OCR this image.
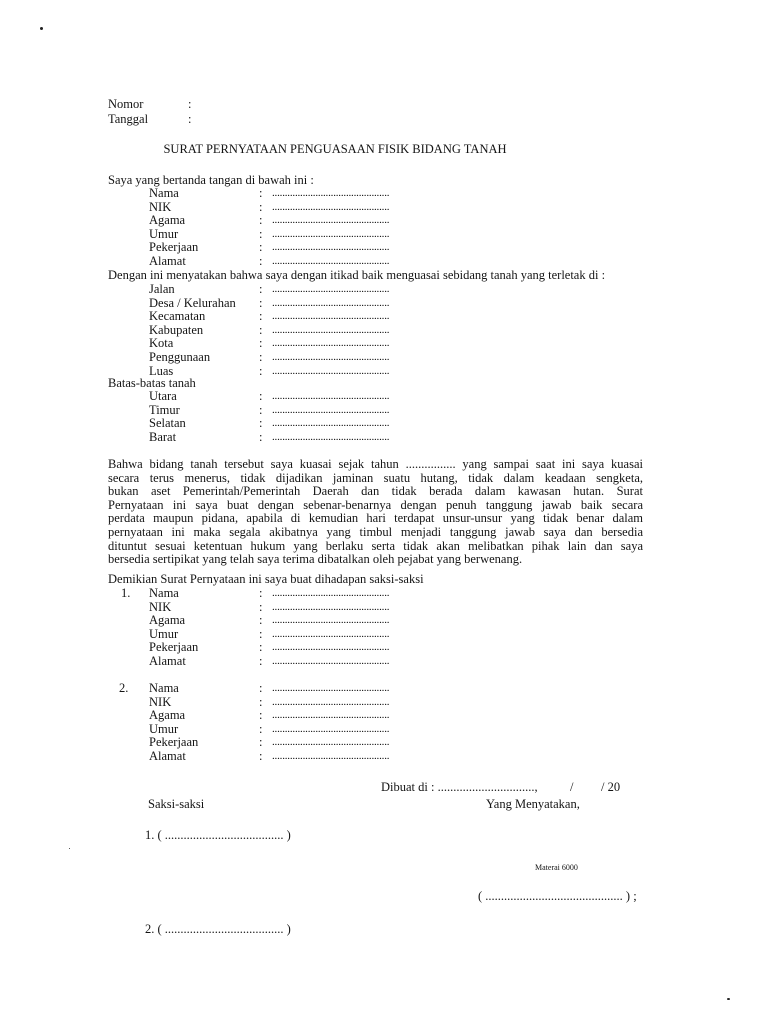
Nomor	:
Tanggal	:
SURAT PERNYATAAN PENGUASAAN FISIK BIDANG TANAH
Saya yang bertanda tangan di bawah ini :
Nama	: ..............................................
NIK	: ..............................................
Agama	: ..............................................
Umur	: ..............................................
Pekerjaan	: ..............................................
Alamat	: ..............................................
Dengan ini menyatakan bahwa saya dengan itikad baik menguasai sebidang tanah yang terletak di :
Jalan	: ..............................................
Desa / Kelurahan : ..............................................
Kecamatan	: ..............................................
Kabupaten	: ..............................................
Kota	: ..............................................
Penggunaan	: ..............................................
Luas	: ..............................................
Batas-batas tanah
Utara	: ..............................................
Timur	: ..............................................
Selatan	: ..............................................
Barat	: ..............................................
Bahwa bidang tanah tersebut saya kuasai sejak tahun ................ yang sampai saat ini saya kuasai
secara terus menerus, tidak dijadikan jaminan suatu hutang, tidak dalam keadaan sengketa,
bukan aset Pemerintah/Pemerintah Daerah dan tidak berada dalam kawasan hutan. Surat
Pernyataan ini saya buat dengan sebenar-benarnya dengan penuh tanggung jawab baik secara
perdata maupun pidana, apabila di kemudian hari terdapat unsur-unsur yang tidak benar dalam
pernyataan ini maka segala akibatnya yang timbul menjadi tanggung jawab saya dan bersedia
dituntut sesuai ketentuan hukum yang berlaku serta tidak akan melibatkan pihak lain dan saya
bersedia sertipikat yang telah saya terima dibatalkan oleh pejabat yang berwenang.
Demikian Surat Pernyataan ini saya buat dihadapan saksi-saksi
1. Nama	: ..............................................
NIK	: ..............................................
Agama	: ..............................................
Umur	: ..............................................
Pekerjaan	: ..............................................
Alamat	: ..............................................
2. Nama	: ..............................................
NIK	: ..............................................
Agama	: ..............................................
Umur	: ..............................................
Pekerjaan	: ..............................................
Alamat	: ..............................................
Dibuat di : ...............................,	/ / 20
Saksi-saksi	Yang Menyatakan,
1. ( ...................................... )
Materai 6000
( ............................................ ) ;
2. ( ...................................... )
